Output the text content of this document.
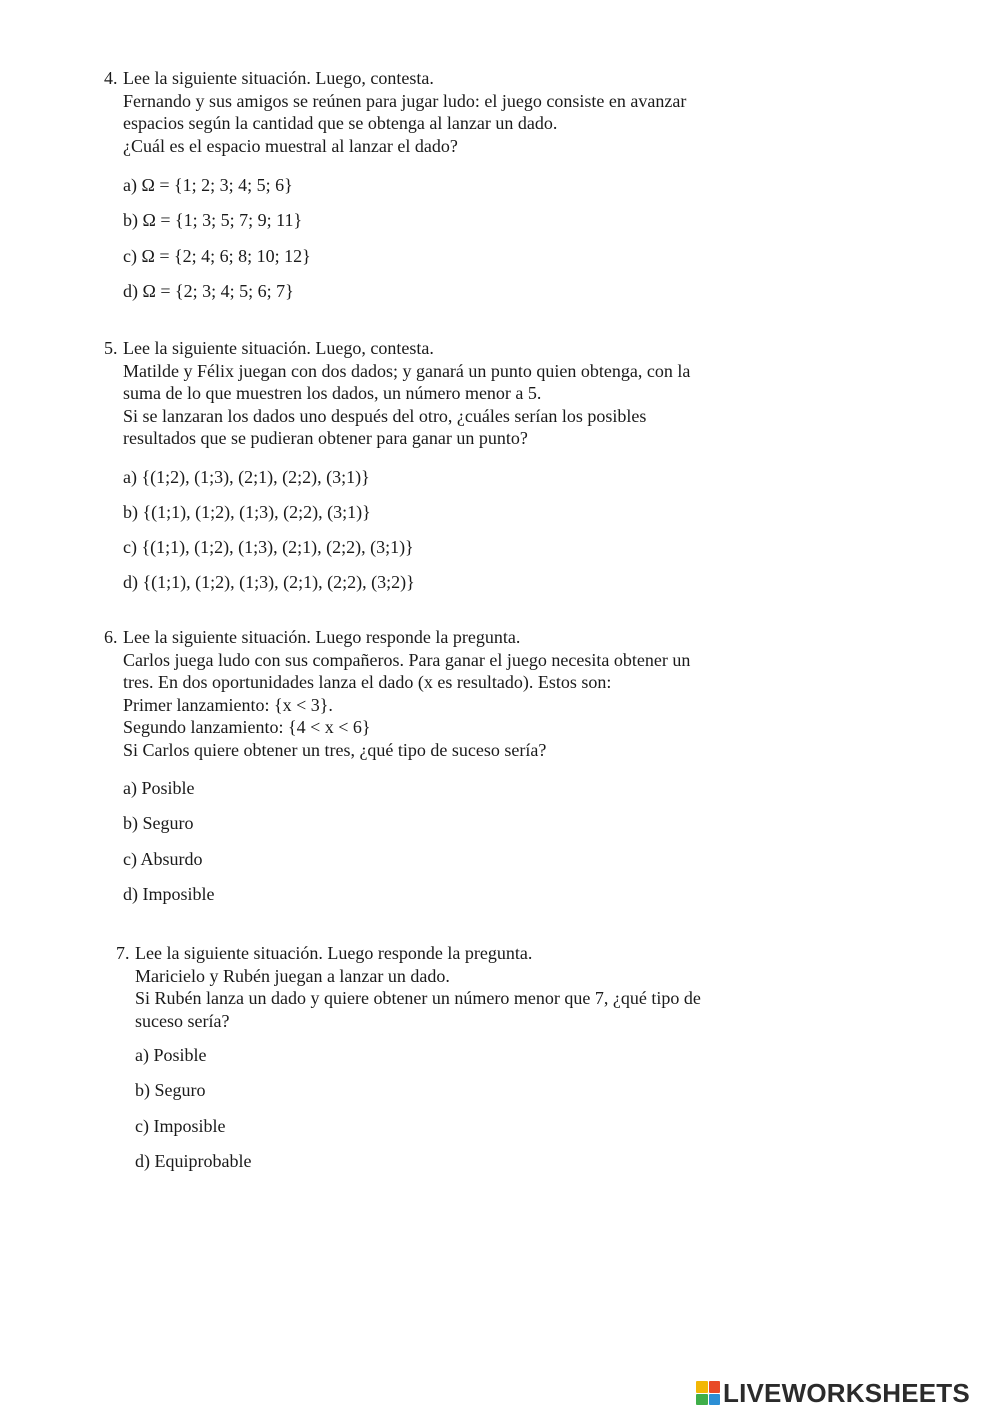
4. Lee la siguiente situación. Luego, contesta.
Fernando y sus amigos se reúnen para jugar ludo: el juego consiste en avanzar
espacios según la cantidad que se obtenga al lanzar un dado.
¿Cuál es el espacio muestral al lanzar el dado?
a) Ω = {1; 2; 3; 4; 5; 6}
b) Ω = {1; 3; 5; 7; 9; 11}
c) Ω = {2; 4; 6; 8; 10; 12}
d) Ω = {2; 3; 4; 5; 6; 7}
5. Lee la siguiente situación. Luego, contesta.
Matilde y Félix juegan con dos dados; y ganará un punto quien obtenga, con la
suma de lo que muestren los dados, un número menor a 5.
Si se lanzaran los dados uno después del otro, ¿cuáles serían los posibles
resultados que se pudieran obtener para ganar un punto?
a) {(1;2), (1;3), (2;1), (2;2), (3;1)}
b) {(1;1), (1;2), (1;3), (2;2), (3;1)}
c) {(1;1), (1;2), (1;3), (2;1), (2;2), (3;1)}
d) {(1;1), (1;2), (1;3), (2;1), (2;2), (3;2)}
6. Lee la siguiente situación. Luego responde la pregunta.
Carlos juega ludo con sus compañeros. Para ganar el juego necesita obtener un
tres. En dos oportunidades lanza el dado (x es resultado). Estos son:
Primer lanzamiento: {x < 3}.
Segundo lanzamiento: {4 < x < 6}
Si Carlos quiere obtener un tres, ¿qué tipo de suceso sería?
a) Posible
b) Seguro
c) Absurdo
d) Imposible
7. Lee la siguiente situación. Luego responde la pregunta.
Maricielo y Rubén juegan a lanzar un dado.
Si Rubén lanza un dado y quiere obtener un número menor que 7, ¿qué tipo de
suceso sería?
a) Posible
b) Seguro
c) Imposible
d) Equiprobable
LIVEWORKSHEETS
